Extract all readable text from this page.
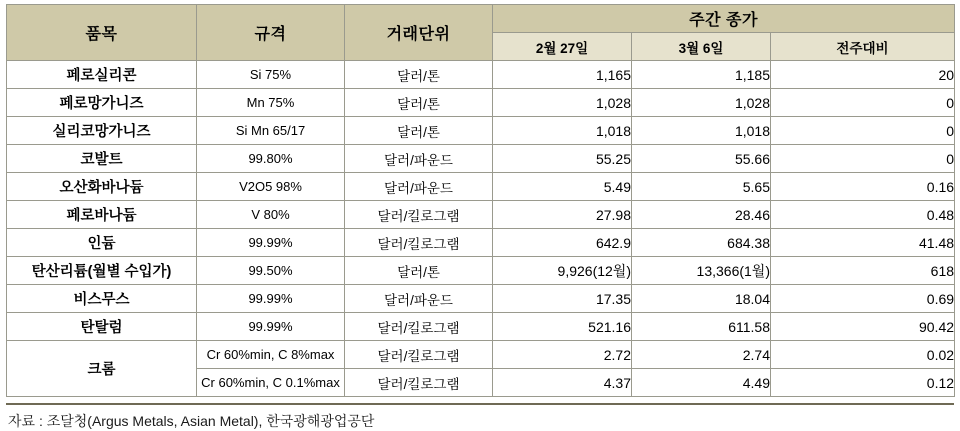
품목	규격	거래단위	주간 종가		
			2월 27일	3월 6일	전주대비
페로실리콘	Si 75%	달러/톤	1,165	1,185	20
페로망가니즈	Mn 75%	달러/톤	1,028	1,028	0
실리코망가니즈	Si Mn 65/17	달러/톤	1,018	1,018	0
코발트	99.80%	달러/파운드	55.25	55.66	0
오산화바나듐	V2O5 98%	달러/파운드	5.49	5.65	0.16
페로바나듐	V 80%	달러/킬로그램	27.98	28.46	0.48
인듐	99.99%	달러/킬로그램	642.9	684.38	41.48
탄산리튬(월별 수입가)	99.50%	달러/톤	9,926(12월)	13,366(1월)	618
비스무스	99.99%	달러/파운드	17.35	18.04	0.69
탄탈럼	99.99%	달러/킬로그램	521.16	611.58	90.42
크롬	Cr 60%min, C 8%max	달러/킬로그램	2.72	2.74	0.02
	Cr 60%min, C 0.1%max	달러/킬로그램	4.37	4.49	0.12
자료 : 조달청(Argus Metals, Asian Metal), 한국광해광업공단
